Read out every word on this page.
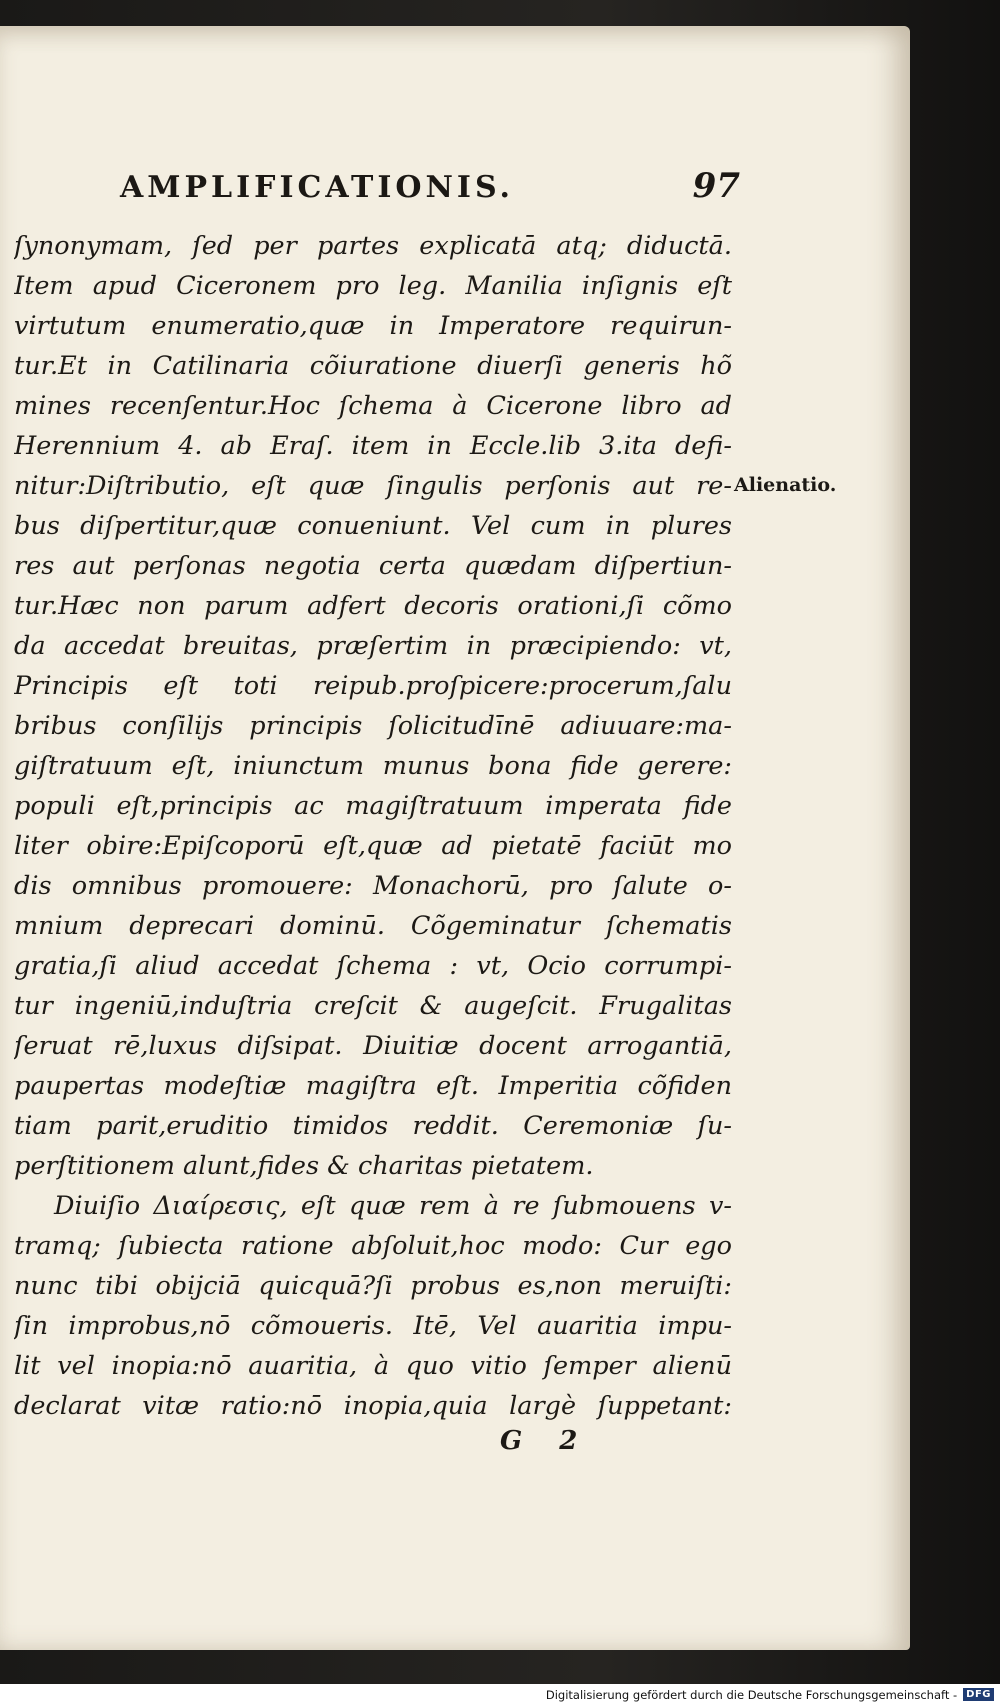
AMPLIFICATIONIS.	97
ſynonymam, ſed per partes explicatā atq; diductā.
Item apud Ciceronem pro leg. Manilia inſignis eſt
virtutum enumeratio,quæ in Imperatore requirun-
tur.Et in Catilinaria cõiuratione diuerſi generis hõ
mines recenſentur.Hoc ſchema à Cicerone libro ad
Herennium 4. ab Eraſ. item in Eccle.lib 3.ita defi-
nitur:Diſtributio, eſt quæ ſingulis perſonis aut re-
bus diſpertitur,quæ conueniunt. Vel cum in plures
res aut perſonas negotia certa quædam diſpertiun-
tur.Hæc non parum adfert decoris orationi,ſi cõmo
da accedat breuitas, præſertim in præcipiendo: vt,
Principis eſt toti reipub.proſpicere:procerum,ſalu
bribus conſilijs principis ſolicitudīnē adiuuare:ma-
giſtratuum eſt, iniunctum munus bona fide gerere:
populi eſt,principis ac magiſtratuum imperata fide
liter obire:Epiſcoporū eſt,quæ ad pietatē faciūt mo
dis omnibus promouere: Monachorū, pro ſalute o-
mnium deprecari dominū. Cõgeminatur ſchematis
gratia,ſi aliud accedat ſchema : vt, Ocio corrumpi-
tur ingeniū,induſtria creſcit & augeſcit. Frugalitas
ſeruat rē,luxus diſsipat. Diuitiæ docent arrogantiā,
paupertas modeſtiæ magiſtra eſt. Imperitia cõfiden
tiam parit,eruditio timidos reddit. Ceremoniæ ſu-
perſtitionem alunt,fides & charitas pietatem.
Diuiſio Διαίρεσις, eſt quæ rem à re ſubmouens v-
tramq; ſubiecta ratione abſoluit,hoc modo: Cur ego
nunc tibi obijciā quicquā?ſi probus es,non meruiſti:
ſin improbus,nō cõmoueris. Itē, Vel auaritia impu-
lit vel inopia:nō auaritia, à quo vitio ſemper alienū
declarat vitæ ratio:nō inopia,quia largè ſuppetant:
Alienatio.
G 2
Digitalisierung gefördert durch die Deutsche Forschungsgemeinschaft - DFG
